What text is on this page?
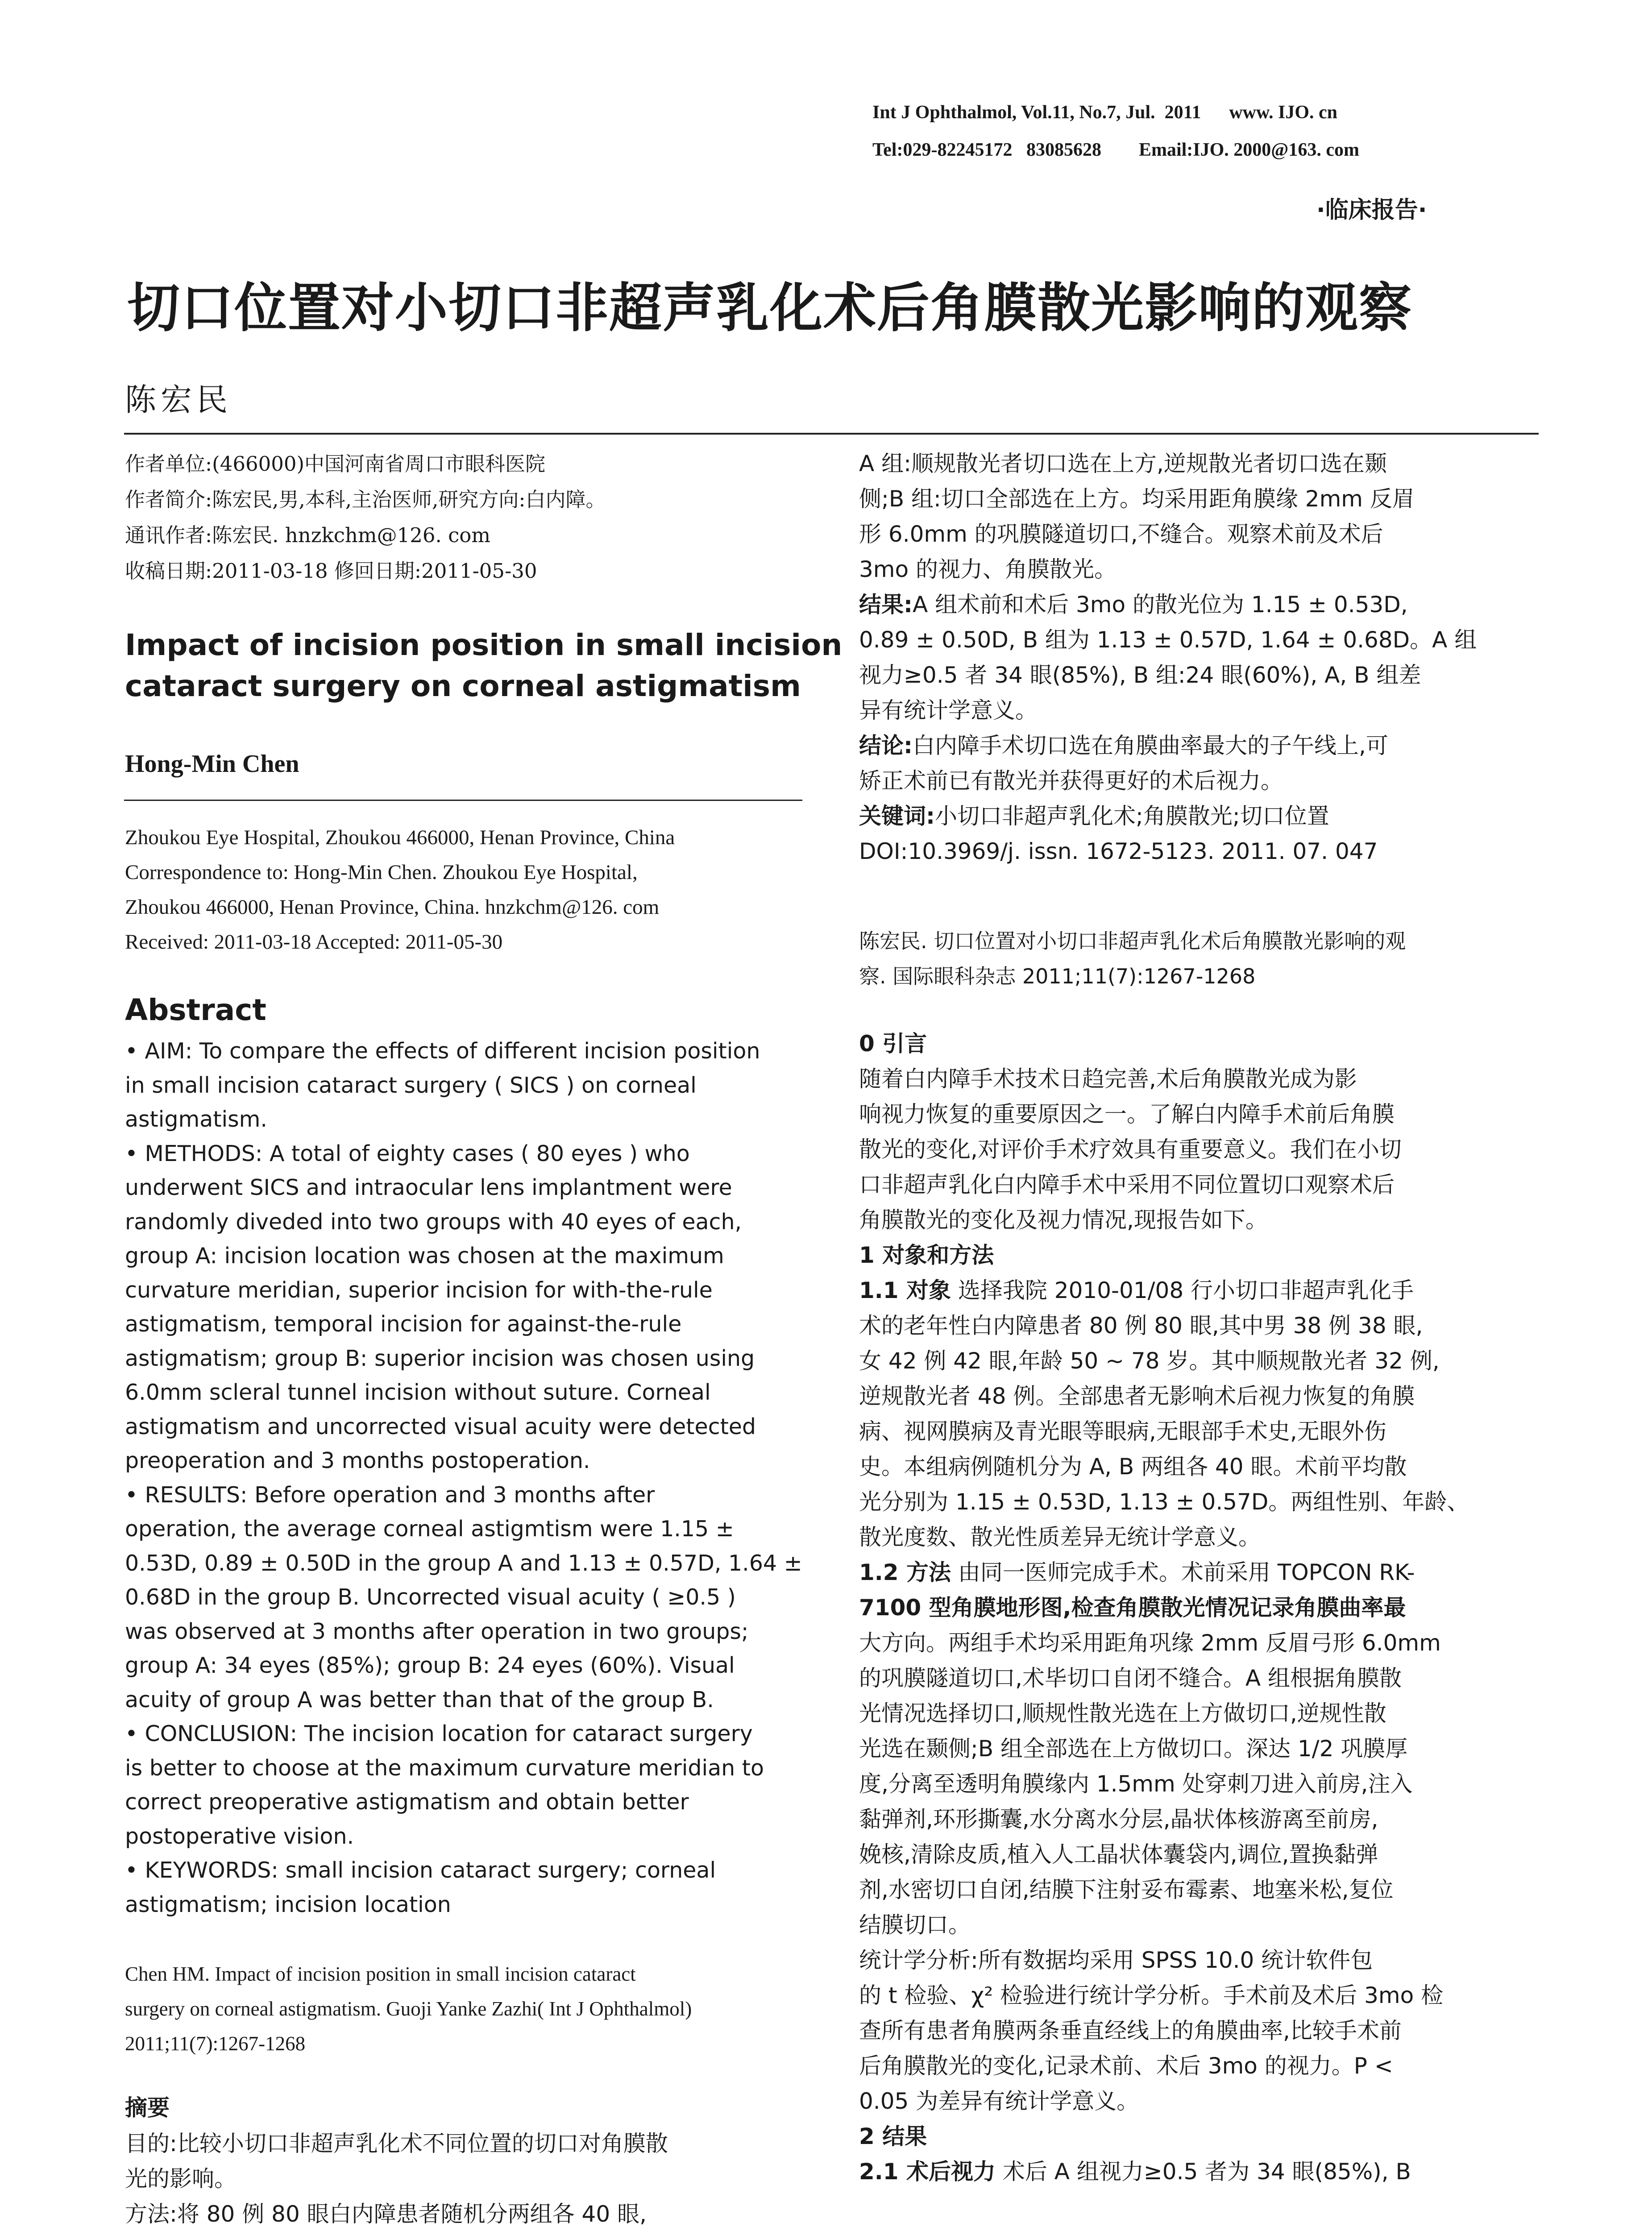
Int J Ophthalmol, Vol.11, No.7, Jul.  2011      www. IJO. cn
Tel:029-82245172   83085628        Email:IJO. 2000@163. com
·临床报告·
切口位置对小切口非超声乳化术后角膜散光影响的观察
陈宏民
作者单位:(466000)中国河南省周口市眼科医院
作者简介:陈宏民,男,本科,主治医师,研究方向:白内障。
通讯作者:陈宏民. hnzkchm@126. com
收稿日期:2011-03-18 修回日期:2011-05-30
Impact of incision position in small incision
cataract surgery on corneal astigmatism
Hong-Min Chen
Zhoukou Eye Hospital, Zhoukou 466000, Henan Province, China
Correspondence to: Hong-Min Chen. Zhoukou Eye Hospital,
Zhoukou 466000, Henan Province, China. hnzkchm@126. com
Received: 2011-03-18 Accepted: 2011-05-30
Abstract
• AIM: To compare the effects of different incision position
in small incision cataract surgery ( SICS ) on corneal
astigmatism.
• METHODS: A total of eighty cases ( 80 eyes ) who
underwent SICS and intraocular lens implantment were
randomly diveded into two groups with 40 eyes of each,
group A: incision location was chosen at the maximum
curvature meridian, superior incision for with-the-rule
astigmatism, temporal incision for against-the-rule
astigmatism; group B: superior incision was chosen using
6.0mm scleral tunnel incision without suture. Corneal
astigmatism and uncorrected visual acuity were detected
preoperation and 3 months postoperation.
• RESULTS: Before operation and 3 months after
operation, the average corneal astigmtism were 1.15 ±
0.53D, 0.89 ± 0.50D in the group A and 1.13 ± 0.57D, 1.64 ±
0.68D in the group B. Uncorrected visual acuity ( ≥0.5 )
was observed at 3 months after operation in two groups;
group A: 34 eyes (85%); group B: 24 eyes (60%). Visual
acuity of group A was better than that of the group B.
• CONCLUSION: The incision location for cataract surgery
is better to choose at the maximum curvature meridian to
correct preoperative astigmatism and obtain better
postoperative vision.
• KEYWORDS: small incision cataract surgery; corneal
astigmatism; incision location
Chen HM. Impact of incision position in small incision cataract
surgery on corneal astigmatism. Guoji Yanke Zazhi( Int J Ophthalmol)
2011;11(7):1267-1268
摘要
目的:比较小切口非超声乳化术不同位置的切口对角膜散
光的影响。
方法:将 80 例 80 眼白内障患者随机分两组各 40 眼,
A 组:顺规散光者切口选在上方,逆规散光者切口选在颞
侧;B 组:切口全部选在上方。均采用距角膜缘 2mm 反眉
形 6.0mm 的巩膜隧道切口,不缝合。观察术前及术后
3mo 的视力、角膜散光。
结果:A 组术前和术后 3mo 的散光位为 1.15 ± 0.53D,
0.89 ± 0.50D, B 组为 1.13 ± 0.57D, 1.64 ± 0.68D。A 组
视力≥0.5 者 34 眼(85%), B 组:24 眼(60%), A, B 组差
异有统计学意义。
结论:白内障手术切口选在角膜曲率最大的子午线上,可
矫正术前已有散光并获得更好的术后视力。
关键词:小切口非超声乳化术;角膜散光;切口位置
DOI:10.3969/j. issn. 1672-5123. 2011. 07. 047
陈宏民. 切口位置对小切口非超声乳化术后角膜散光影响的观
察. 国际眼科杂志 2011;11(7):1267-1268
0 引言
随着白内障手术技术日趋完善,术后角膜散光成为影
响视力恢复的重要原因之一。了解白内障手术前后角膜
散光的变化,对评价手术疗效具有重要意义。我们在小切
口非超声乳化白内障手术中采用不同位置切口观察术后
角膜散光的变化及视力情况,现报告如下。
1 对象和方法
1.1 对象 选择我院 2010-01/08 行小切口非超声乳化手
术的老年性白内障患者 80 例 80 眼,其中男 38 例 38 眼,
女 42 例 42 眼,年龄 50 ~ 78 岁。其中顺规散光者 32 例,
逆规散光者 48 例。全部患者无影响术后视力恢复的角膜
病、视网膜病及青光眼等眼病,无眼部手术史,无眼外伤
史。本组病例随机分为 A, B 两组各 40 眼。术前平均散
光分别为 1.15 ± 0.53D, 1.13 ± 0.57D。两组性别、年龄、
散光度数、散光性质差异无统计学意义。
1.2 方法 由同一医师完成手术。术前采用 TOPCON RK-
7100 型角膜地形图,检查角膜散光情况记录角膜曲率最
大方向。两组手术均采用距角巩缘 2mm 反眉弓形 6.0mm
的巩膜隧道切口,术毕切口自闭不缝合。A 组根据角膜散
光情况选择切口,顺规性散光选在上方做切口,逆规性散
光选在颞侧;B 组全部选在上方做切口。深达 1/2 巩膜厚
度,分离至透明角膜缘内 1.5mm 处穿刺刀进入前房,注入
黏弹剂,环形撕囊,水分离水分层,晶状体核游离至前房,
娩核,清除皮质,植入人工晶状体囊袋内,调位,置换黏弹
剂,水密切口自闭,结膜下注射妥布霉素、地塞米松,复位
结膜切口。
统计学分析:所有数据均采用 SPSS 10.0 统计软件包
的 t 检验、χ² 检验进行统计学分析。手术前及术后 3mo 检
查所有患者角膜两条垂直经线上的角膜曲率,比较手术前
后角膜散光的变化,记录术前、术后 3mo 的视力。P <
0.05 为差异有统计学意义。
2 结果
2.1 术后视力 术后 A 组视力≥0.5 者为 34 眼(85%), B
